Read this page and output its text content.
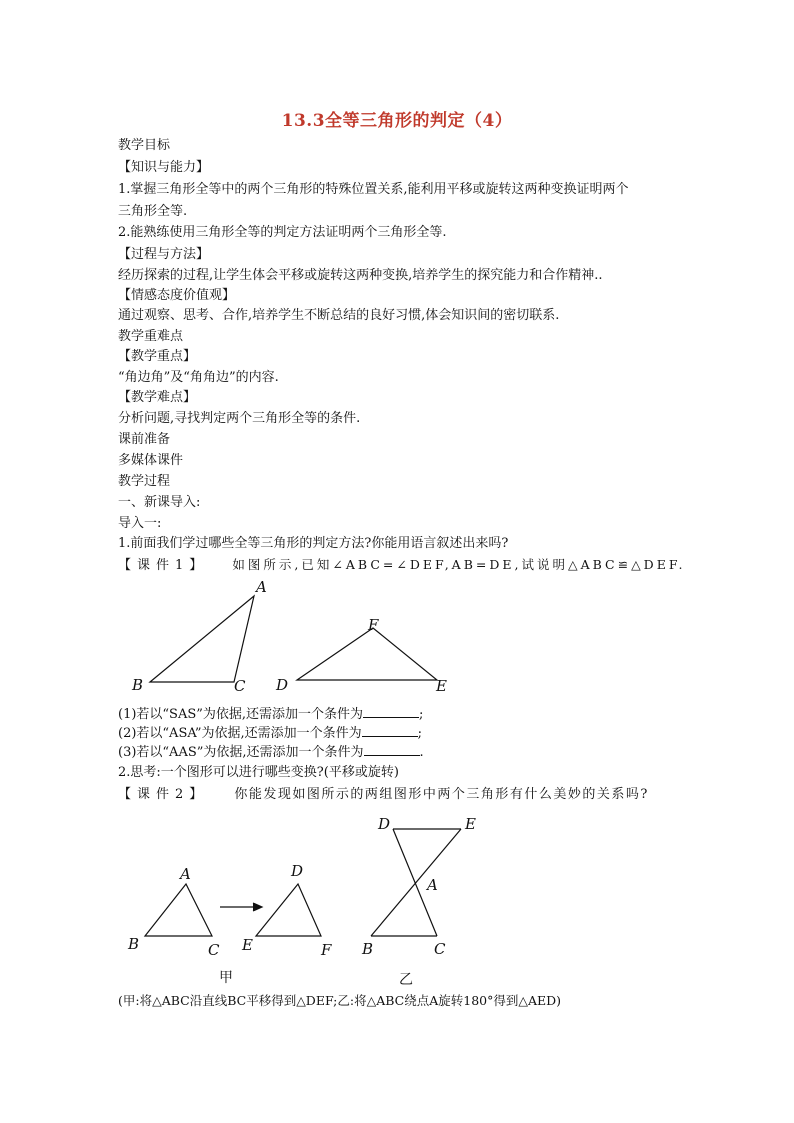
13.3全等三角形的判定（4）
教学目标
【知识与能力】
1.掌握三角形全等中的两个三角形的特殊位置关系,能利用平移或旋转这两种变换证明两个
三角形全等.
2.能熟练使用三角形全等的判定方法证明两个三角形全等.
【过程与方法】
经历探索的过程,让学生体会平移或旋转这两种变换,培养学生的探究能力和合作精神..
【情感态度价值观】
通过观察、思考、合作,培养学生不断总结的良好习惯,体会知识间的密切联系.
教学重难点
【教学重点】
“角边角”及“角角边”的内容.
【教学难点】
分析问题,寻找判定两个三角形全等的条件.
课前准备
多媒体课件
教学过程
一、新课导入:
导入一:
1.前面我们学过哪些全等三角形的判定方法?你能用语言叙述出来吗?
【课件1】 如图所示,已知∠ABC=∠DEF,AB=DE,试说明△ABC≌△DEF.
A
B	C
F
D	E
(1)若以“SAS”为依据,还需添加一个条件为	;
(2)若以“ASA”为依据,还需添加一个条件为	;
(3)若以“AAS”为依据,还需添加一个条件为	.
2.思考:一个图形可以进行哪些变换?(平移或旋转)
【课件2】 你能发现如图所示的两组图形中两个三角形有什么美妙的关系吗?
A
B	C
D
E	F
D	E
A
B	C
甲	乙
(甲:将△ABC沿直线BC平移得到△DEF;乙:将△ABC绕点A旋转180°得到△AED)
